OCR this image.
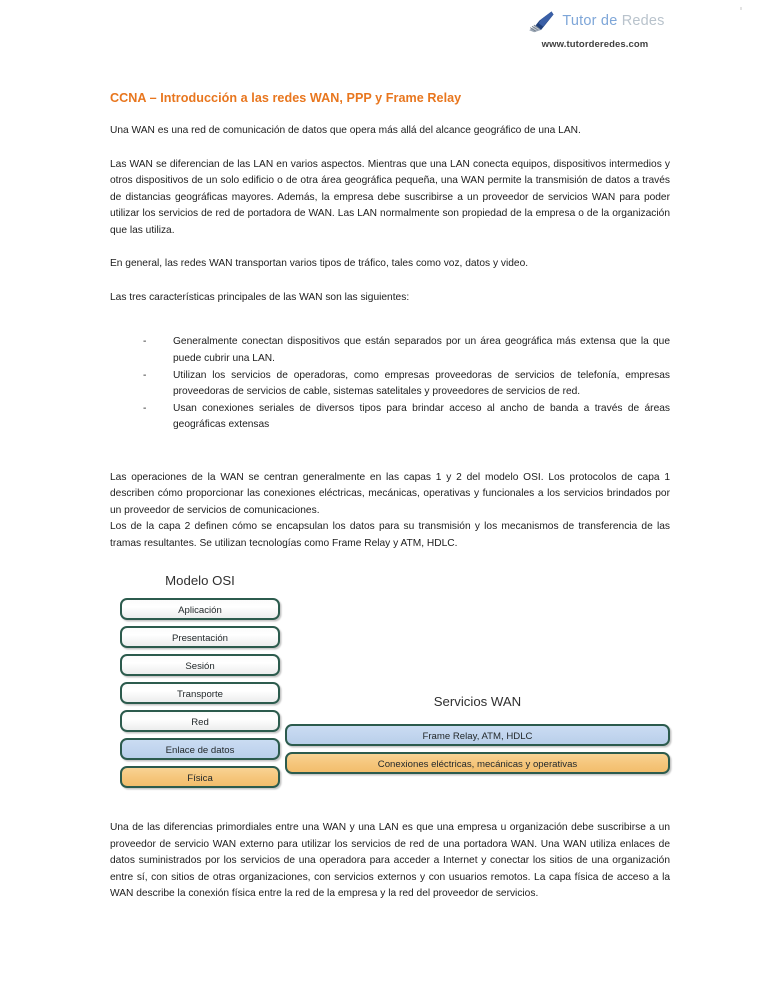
Tutor de Redes
www.tutorderedes.com
CCNA – Introducción a las redes WAN, PPP y Frame Relay

Una WAN es una red de comunicación de datos que opera más allá del alcance geográfico de una LAN.

Las WAN se diferencian de las LAN en varios aspectos. Mientras que una LAN conecta equipos, dispositivos intermedios y otros dispositivos de un solo edificio o de otra área geográfica pequeña, una WAN permite la transmisión de datos a través de distancias geográficas mayores. Además, la empresa debe suscribirse a un proveedor de servicios WAN para poder utilizar los servicios de red de portadora de WAN. Las LAN normalmente son propiedad de la empresa o de la organización que las utiliza.

En general, las redes WAN transportan varios tipos de tráfico, tales como voz, datos y video.

Las tres características principales de las WAN son las siguientes:

-	Generalmente conectan dispositivos que están separados por un área geográfica más extensa que la que puede cubrir una LAN.
-	Utilizan los servicios de operadoras, como empresas proveedoras de servicios de telefonía, empresas proveedoras de servicios de cable, sistemas satelitales y proveedores de servicios de red.
-	Usan conexiones seriales de diversos tipos para brindar acceso al ancho de banda a través de áreas geográficas extensas

Las operaciones de la WAN se centran generalmente en las capas 1 y 2 del modelo OSI. Los protocolos de capa 1 describen cómo proporcionar las conexiones eléctricas, mecánicas, operativas y funcionales a los servicios brindados por un proveedor de servicios de comunicaciones.

Los de la capa 2 definen cómo se encapsulan los datos para su transmisión y los mecanismos de transferencia de las tramas resultantes. Se utilizan tecnologías como Frame Relay y ATM, HDLC.

Modelo OSI
Aplicación
Presentación
Sesión
Transporte
Red
Enlace de datos
Física
Servicios WAN
Frame Relay, ATM, HDLC
Conexiones eléctricas, mecánicas y operativas

Una de las diferencias primordiales entre una WAN y una LAN es que una empresa u organización debe suscribirse a un proveedor de servicio WAN externo para utilizar los servicios de red de una portadora WAN. Una WAN utiliza enlaces de datos suministrados por los servicios de una operadora para acceder a Internet y conectar los sitios de una organización entre sí, con sitios de otras organizaciones, con servicios externos y con usuarios remotos. La capa física de acceso a la WAN describe la conexión física entre la red de la empresa y la red del proveedor de servicios.
